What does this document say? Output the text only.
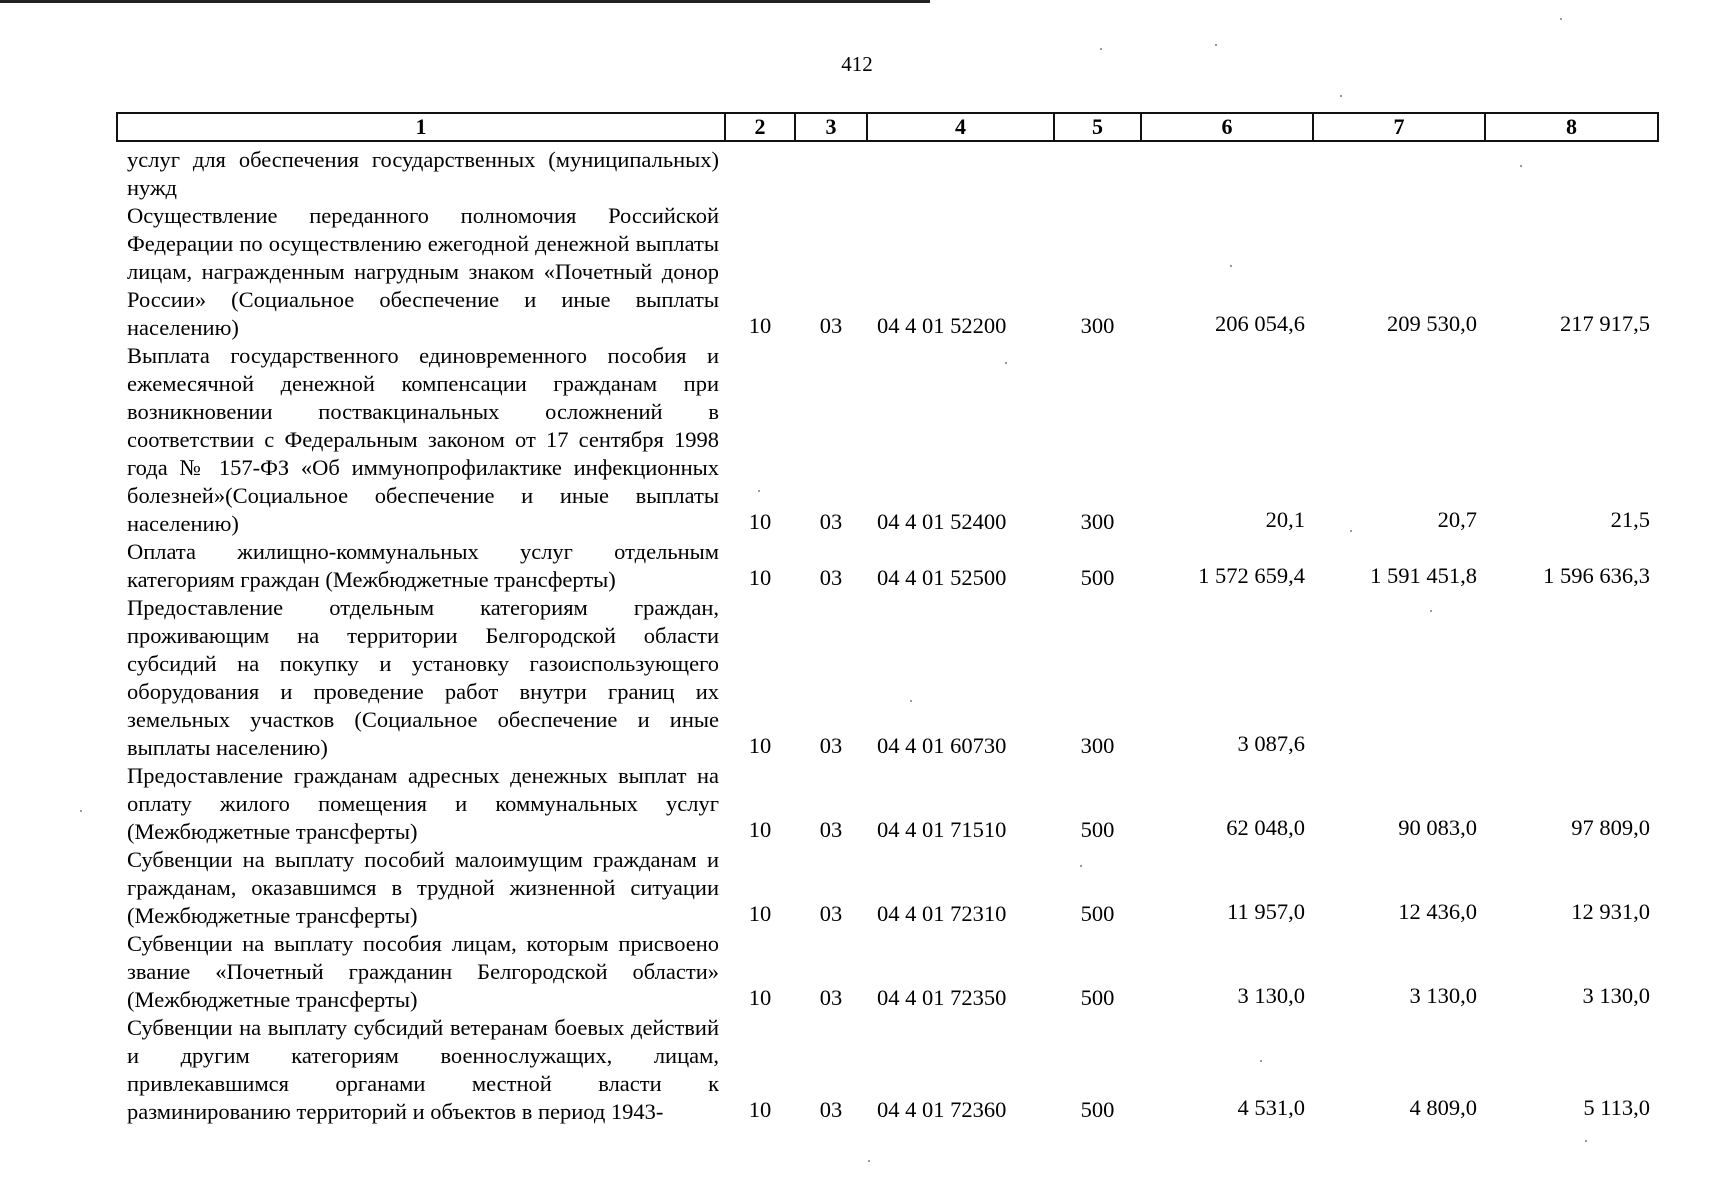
412
1	2	3	4	5	6	7	8
услуг для обеспечения государственных (муниципальных) нужд							
Осуществление переданного полномочия Российской Федерации по осуществлению ежегодной денежной выплаты лицам, награжденным нагрудным знаком «Почетный донор России» (Социальное обеспечение и иные выплаты населению)	10	03	04 4 01 52200	300	206 054,6	209 530,0	217 917,5
Выплата государственного единовременного пособия и ежемесячной денежной компенсации гражданам при возникновении поствакцинальных осложнений в соответствии с Федеральным законом от 17 сентября 1998 года № 157-ФЗ «Об иммунопрофилактике инфекционных болезней»(Социальное обеспечение и иные выплаты населению)	10	03	04 4 01 52400	300	20,1	20,7	21,5
Оплата жилищно-коммунальных услуг отдельным категориям граждан (Межбюджетные трансферты)	10	03	04 4 01 52500	500	1 572 659,4	1 591 451,8	1 596 636,3
Предоставление отдельным категориям граждан, проживающим на территории Белгородской области субсидий на покупку и установку газоиспользующего оборудования и проведение работ внутри границ их земельных участков (Социальное обеспечение и иные выплаты населению)	10	03	04 4 01 60730	300	3 087,6		
Предоставление гражданам адресных денежных выплат на оплату жилого помещения и коммунальных услуг (Межбюджетные трансферты)	10	03	04 4 01 71510	500	62 048,0	90 083,0	97 809,0
Субвенции на выплату пособий малоимущим гражданам и гражданам, оказавшимся в трудной жизненной ситуации (Межбюджетные трансферты)	10	03	04 4 01 72310	500	11 957,0	12 436,0	12 931,0
Субвенции на выплату пособия лицам, которым присвоено звание «Почетный гражданин Белгородской области» (Межбюджетные трансферты)	10	03	04 4 01 72350	500	3 130,0	3 130,0	3 130,0
Субвенции на выплату субсидий ветеранам боевых действий и другим категориям военнослужащих, лицам, привлекавшимся органами местной власти к разминированию территорий и объектов в период 1943-	10	03	04 4 01 72360	500	4 531,0	4 809,0	5 113,0
